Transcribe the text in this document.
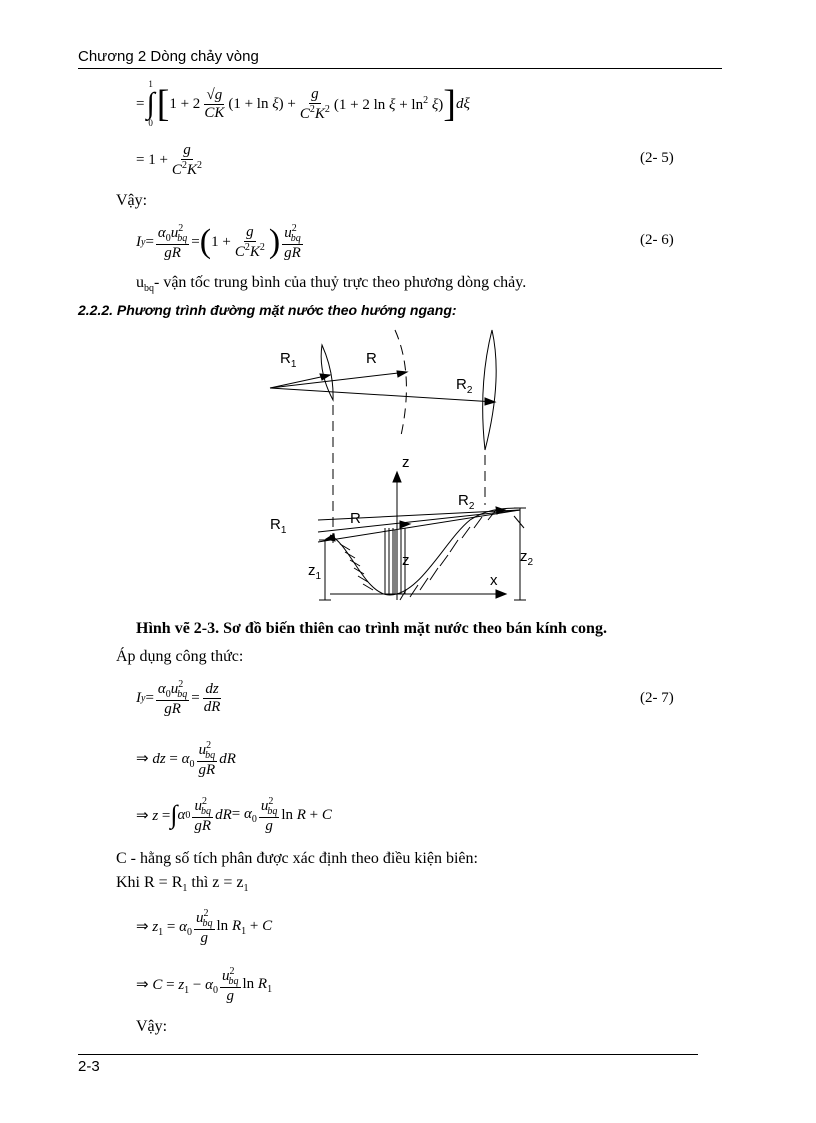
Chương 2 Dòng chảy vòng
=
1
∫
0 [ $1 + 2 \frac{√g}{CK} (1 + \ln \xi) + \frac{g}{C^2K^2} (1 + 2$ $\ln \xi + \ln^2 \xi$) ] dξ
= $1 + \frac{g}{C^2K^2}$	(2- 5)
Vậy:
I $y = \frac{\alpha_0u^2_{bq}}{gR}$ = ( $1 + \frac{g}{C^2K^2}$ ) $\frac{u^2_{bq}}{gR}$	(2- 6)
$u_{bq}-$ vận tốc trung bình của thuỷ trực theo phương dòng chảy.
2.2.2. Phương trình đường mặt nước theo hướng ngang:
$R_1$	R
$R_2$
z
$R_2$
R
$R_1$
z
$z_1$
$z_2$
x
Hình vẽ 2-3. Sơ đồ biến thiên cao trình mặt nước theo bán kính cong.
Áp dụng công thức:
I $y = \frac{\alpha_0u^2_{bq}}{gR} = \frac{dz}{dR}$	(2- 7)
⇒ dz = $\alpha_0 \frac{u^2_{bq}}{gR}$ dR
⇒ z = ∫ α $0 \frac{u^2_{bq}}{gR}$ dR = $\alpha_0 \frac{u^2_{bq}}{g}$ ln R + C
C - hằng số tích phân được xác định theo điều kiện biên:
Khi $R = R_1$ thì $z = z_1$
⇒ $z_1 = \alpha_0 \frac{u^2_{bq}}{g}$ $\ln R_1 + C$
⇒ $C = z_1 - \alpha_0 \frac{u^2_{bq}}{g}$ $\ln R_1$
Vậy:
2-3
